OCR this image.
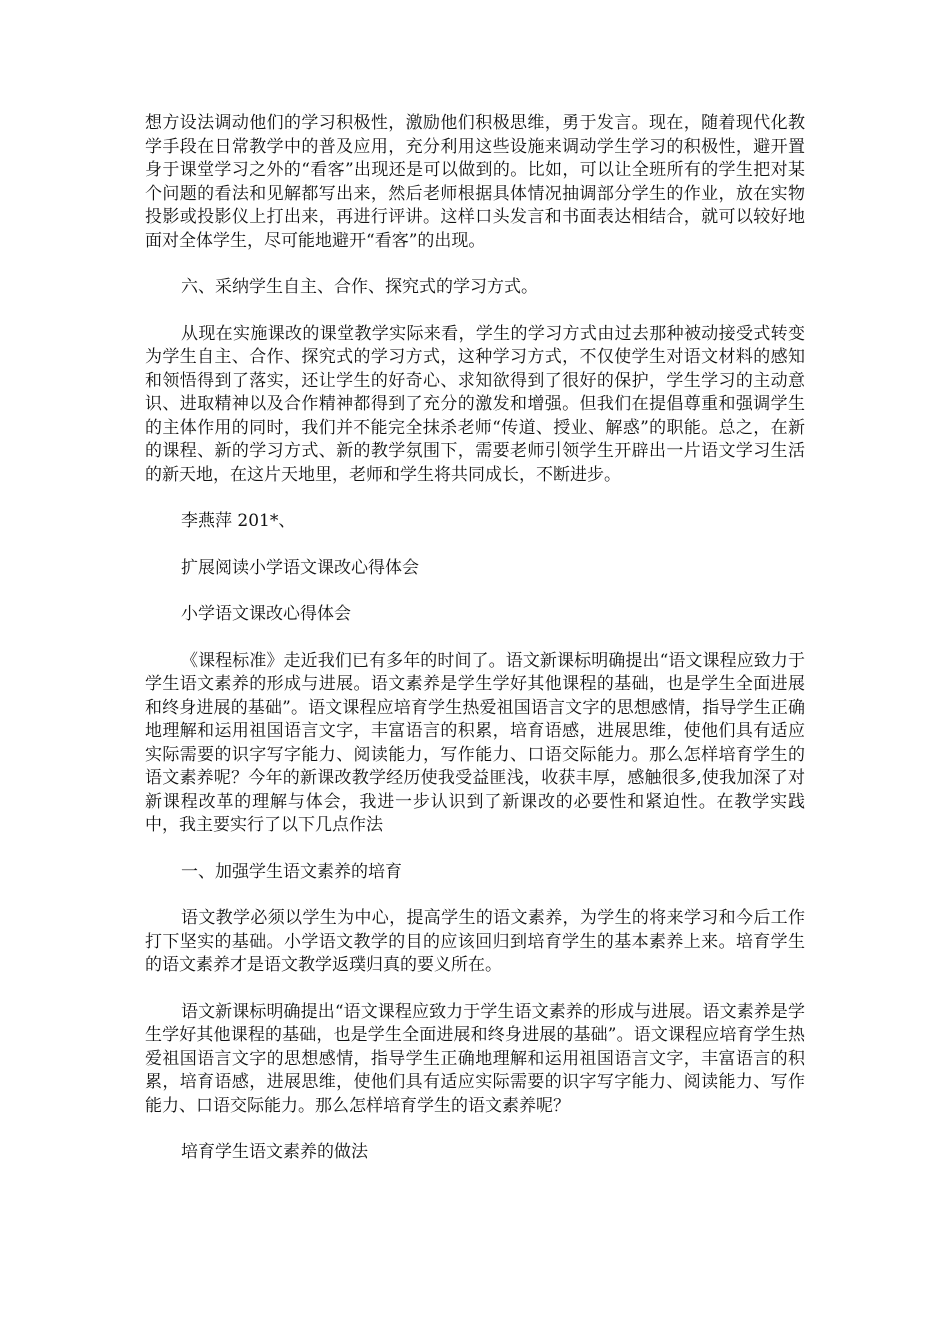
想方设法调动他们的学习积极性，激励他们积极思维，勇于发言。现在，随着现代化教学手段在日常教学中的普及应用，充分利用这些设施来调动学生学习的积极性，避开置身于课堂学习之外的“看客”出现还是可以做到的。比如，可以让全班所有的学生把对某个问题的看法和见解都写出来，然后老师根据具体情况抽调部分学生的作业，放在实物投影或投影仪上打出来，再进行评讲。这样口头发言和书面表达相结合，就可以较好地面对全体学生，尽可能地避开“看客”的出现。

六、采纳学生自主、合作、探究式的学习方式。

从现在实施课改的课堂教学实际来看，学生的学习方式由过去那种被动接受式转变为学生自主、合作、探究式的学习方式，这种学习方式，不仅使学生对语文材料的感知和领悟得到了落实，还让学生的好奇心、求知欲得到了很好的保护，学生学习的主动意识、进取精神以及合作精神都得到了充分的激发和增强。但我们在提倡尊重和强调学生的主体作用的同时，我们并不能完全抹杀老师“传道、授业、解惑”的职能。总之，在新的课程、新的学习方式、新的教学氛围下，需要老师引领学生开辟出一片语文学习生活的新天地，在这片天地里，老师和学生将共同成长，不断进步。

李燕萍 201*、

扩展阅读小学语文课改心得体会

小学语文课改心得体会

《课程标准》走近我们已有多年的时间了。语文新课标明确提出“语文课程应致力于学生语文素养的形成与进展。语文素养是学生学好其他课程的基础，也是学生全面进展和终身进展的基础”。语文课程应培育学生热爱祖国语言文字的思想感情，指导学生正确地理解和运用祖国语言文字，丰富语言的积累，培育语感，进展思维，使他们具有适应实际需要的识字写字能力、阅读能力，写作能力、口语交际能力。那么怎样培育学生的语文素养呢？今年的新课改教学经历使我受益匪浅，收获丰厚，感触很多,使我加深了对新课程改革的理解与体会，我进一步认识到了新课改的必要性和紧迫性。在教学实践中，我主要实行了以下几点作法

一、加强学生语文素养的培育

语文教学必须以学生为中心，提高学生的语文素养，为学生的将来学习和今后工作打下坚实的基础。小学语文教学的目的应该回归到培育学生的基本素养上来。培育学生的语文素养才是语文教学返璞归真的要义所在。

语文新课标明确提出“语文课程应致力于学生语文素养的形成与进展。语文素养是学生学好其他课程的基础，也是学生全面进展和终身进展的基础”。语文课程应培育学生热爱祖国语言文字的思想感情，指导学生正确地理解和运用祖国语言文字，丰富语言的积累，培育语感，进展思维，使他们具有适应实际需要的识字写字能力、阅读能力、写作能力、口语交际能力。那么怎样培育学生的语文素养呢？

培育学生语文素养的做法
